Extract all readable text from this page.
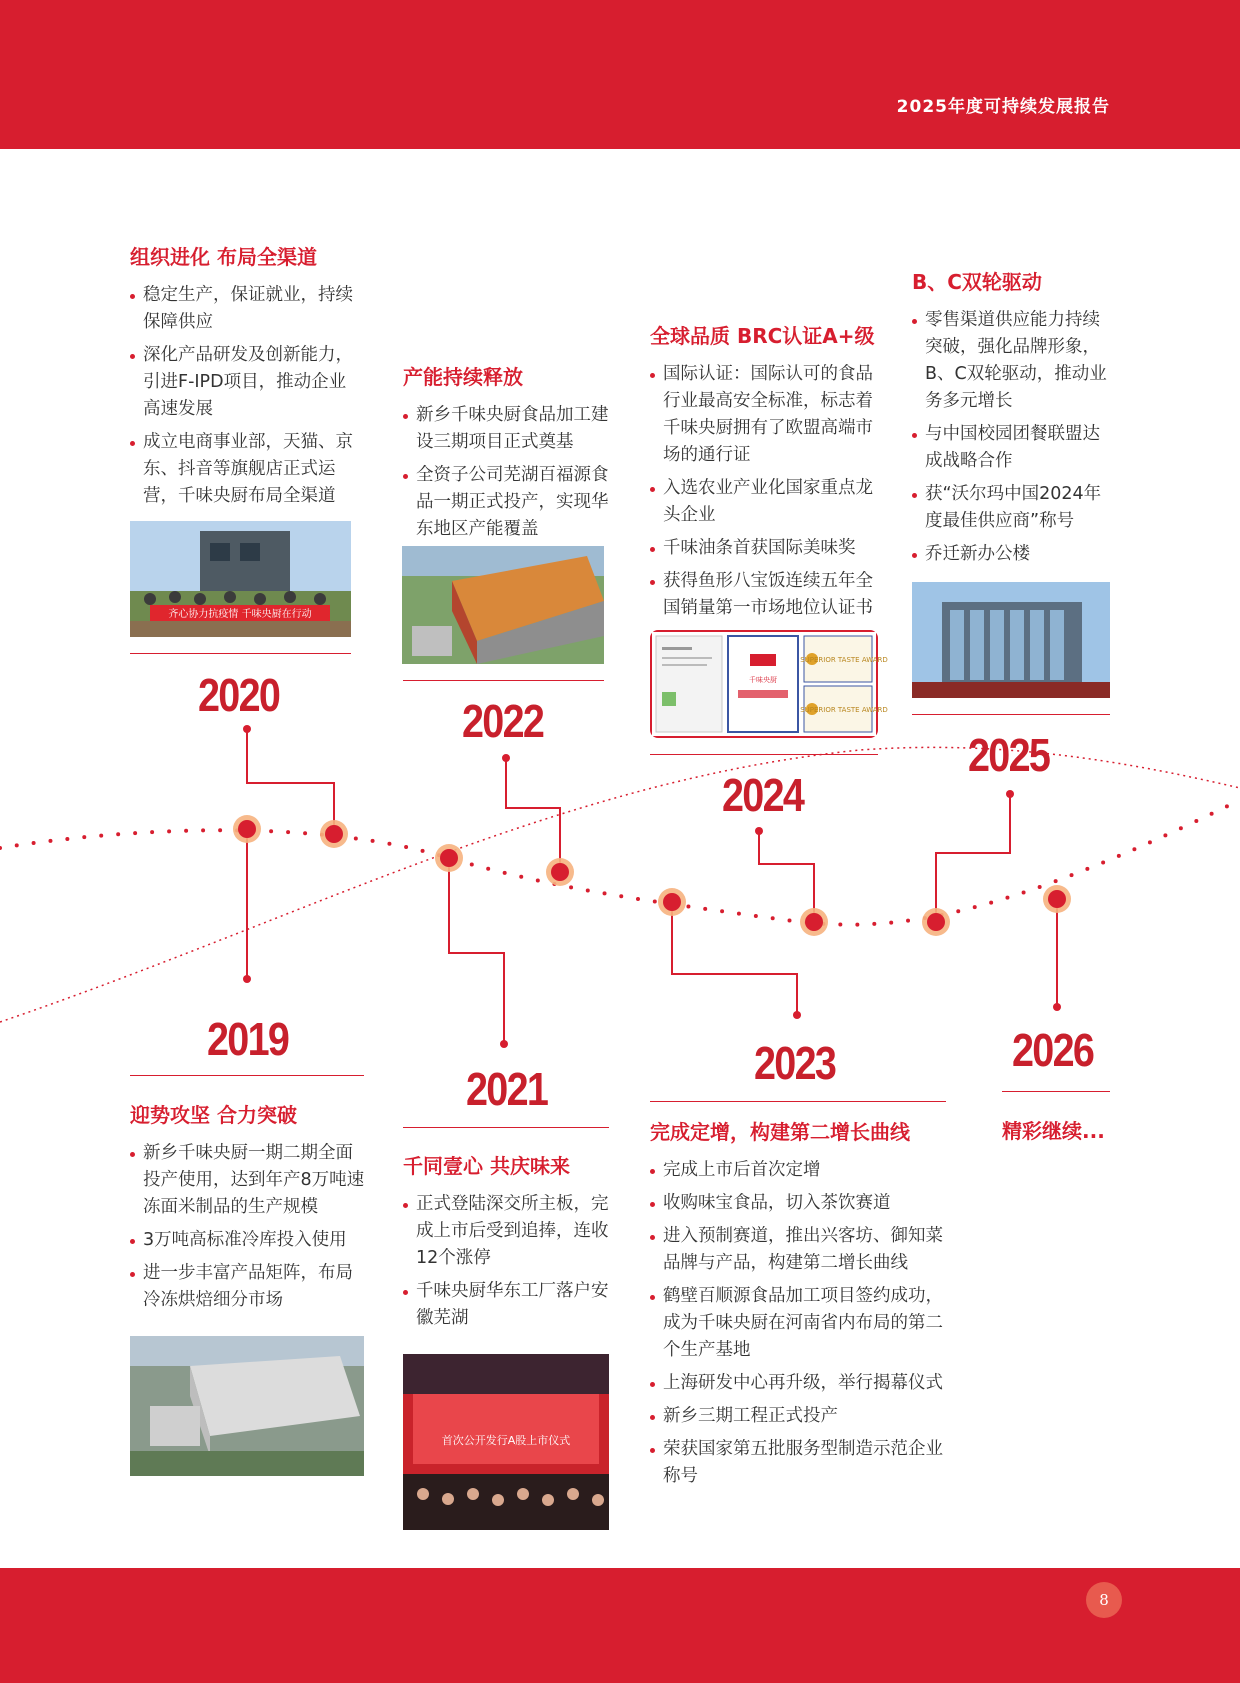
2025年度可持续发展报告
组织进化 布局全渠道
稳定生产，保证就业，持续保障供应
深化产品研发及创新能力，引进F-IPD项目，推动企业高速发展
成立电商事业部，天猫、京东、抖音等旗舰店正式运营，千味央厨布局全渠道
齐心协力抗疫情 千味央厨在行动
2020
产能持续释放
新乡千味央厨食品加工建设三期项目正式奠基
全资子公司芜湖百福源食品一期正式投产，实现华东地区产能覆盖
2022
全球品质 BRC认证A+级
国际认证：国际认可的食品行业最高安全标准，标志着千味央厨拥有了欧盟高端市场的通行证
入选农业产业化国家重点龙头企业
千味油条首获国际美味奖
获得鱼形八宝饭连续五年全国销量第一市场地位认证书
千味央厨
SUPERIOR TASTE AWARD
SUPERIOR TASTE AWARD
2024
B、C双轮驱动
零售渠道供应能力持续突破，强化品牌形象，B、C双轮驱动，推动业务多元增长
与中国校园团餐联盟达成战略合作
获“沃尔玛中国2024年度最佳供应商”称号
乔迁新办公楼
2025
2019
迎势攻坚 合力突破
新乡千味央厨一期二期全面投产使用，达到年产8万吨速冻面米制品的生产规模
3万吨高标准冷库投入使用
进一步丰富产品矩阵，布局冷冻烘焙细分市场
2021
千同壹心 共庆味来
正式登陆深交所主板，完成上市后受到追捧，连收12个涨停
千味央厨华东工厂落户安徽芜湖
首次公开发行A股上市仪式
2023
完成定增，构建第二增长曲线
完成上市后首次定增
收购味宝食品，切入茶饮赛道
进入预制赛道，推出兴客坊、御知菜品牌与产品，构建第二增长曲线
鹤壁百顺源食品加工项目签约成功，成为千味央厨在河南省内布局的第二个生产基地
上海研发中心再升级，举行揭幕仪式
新乡三期工程正式投产
荣获国家第五批服务型制造示范企业称号
2026
精彩继续...
8
